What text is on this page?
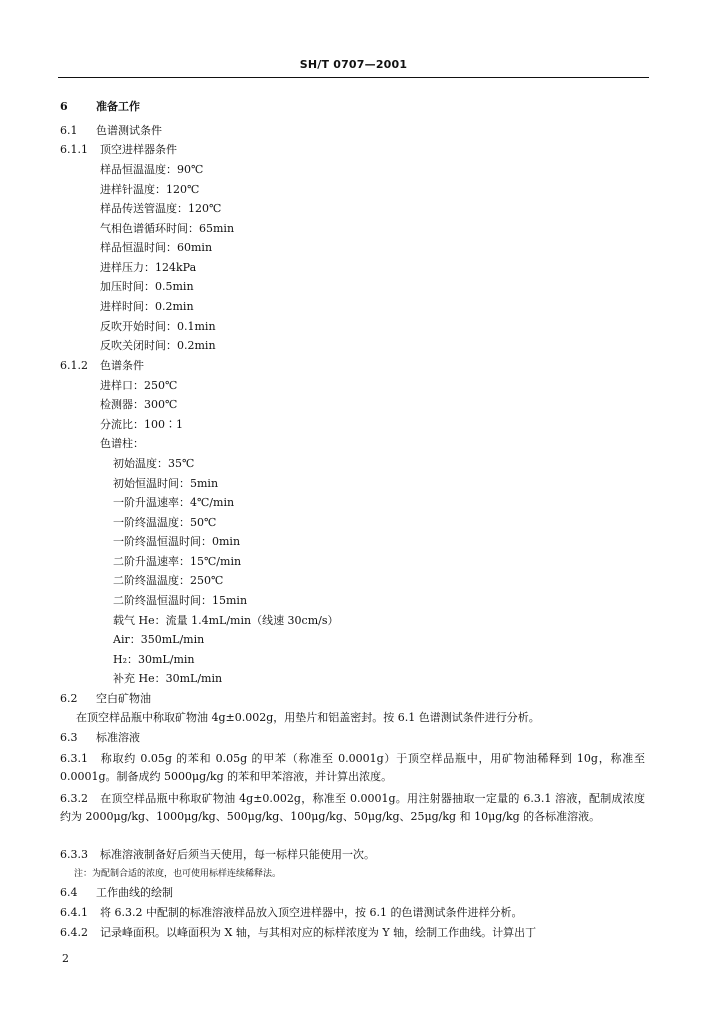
SH/T 0707—2001
6	准备工作
6.1 色谱测试条件
6.1.1 顶空进样器条件
样品恒温温度：90℃
进样针温度：120℃
样品传送管温度：120℃
气相色谱循环时间：65min
样品恒温时间：60min
进样压力：124kPa
加压时间：0.5min
进样时间：0.2min
反吹开始时间：0.1min
反吹关闭时间：0.2min
6.1.2 色谱条件
进样口：250℃
检测器：300℃
分流比：100∶1
色谱柱：
初始温度：35℃
初始恒温时间：5min
一阶升温速率：4℃/min
一阶终温温度：50℃
一阶终温恒温时间：0min
二阶升温速率：15℃/min
二阶终温温度：250℃
二阶终温恒温时间：15min
载气 He：流量 1.4mL/min（线速 30cm/s）
Air：350mL/min
H₂：30mL/min
补充 He：30mL/min
6.2 空白矿物油
在顶空样品瓶中称取矿物油 4g±0.002g，用垫片和铝盖密封。按 6.1 色谱测试条件进行分析。
6.3 标准溶液
6.3.1 称取约 0.05g 的苯和 0.05g 的甲苯（称准至 0.0001g）于顶空样品瓶中，用矿物油稀释到 10g，称准至 0.0001g。制备成约 5000μg/kg 的苯和甲苯溶液，并计算出浓度。
6.3.2 在顶空样品瓶中称取矿物油 4g±0.002g，称准至 0.0001g。用注射器抽取一定量的 6.3.1 溶液，配制成浓度约为 2000μg/kg、1000μg/kg、500μg/kg、100μg/kg、50μg/kg、25μg/kg 和 10μg/kg 的各标准溶液。
6.3.3 标准溶液制备好后须当天使用，每一标样只能使用一次。
注：为配制合适的浓度，也可使用标样连续稀释法。
6.4 工作曲线的绘制
6.4.1 将 6.3.2 中配制的标准溶液样品放入顶空进样器中，按 6.1 的色谱测试条件进样分析。
6.4.2 记录峰面积。以峰面积为 X 轴，与其相对应的标样浓度为 Y 轴，绘制工作曲线。计算出丁
2
